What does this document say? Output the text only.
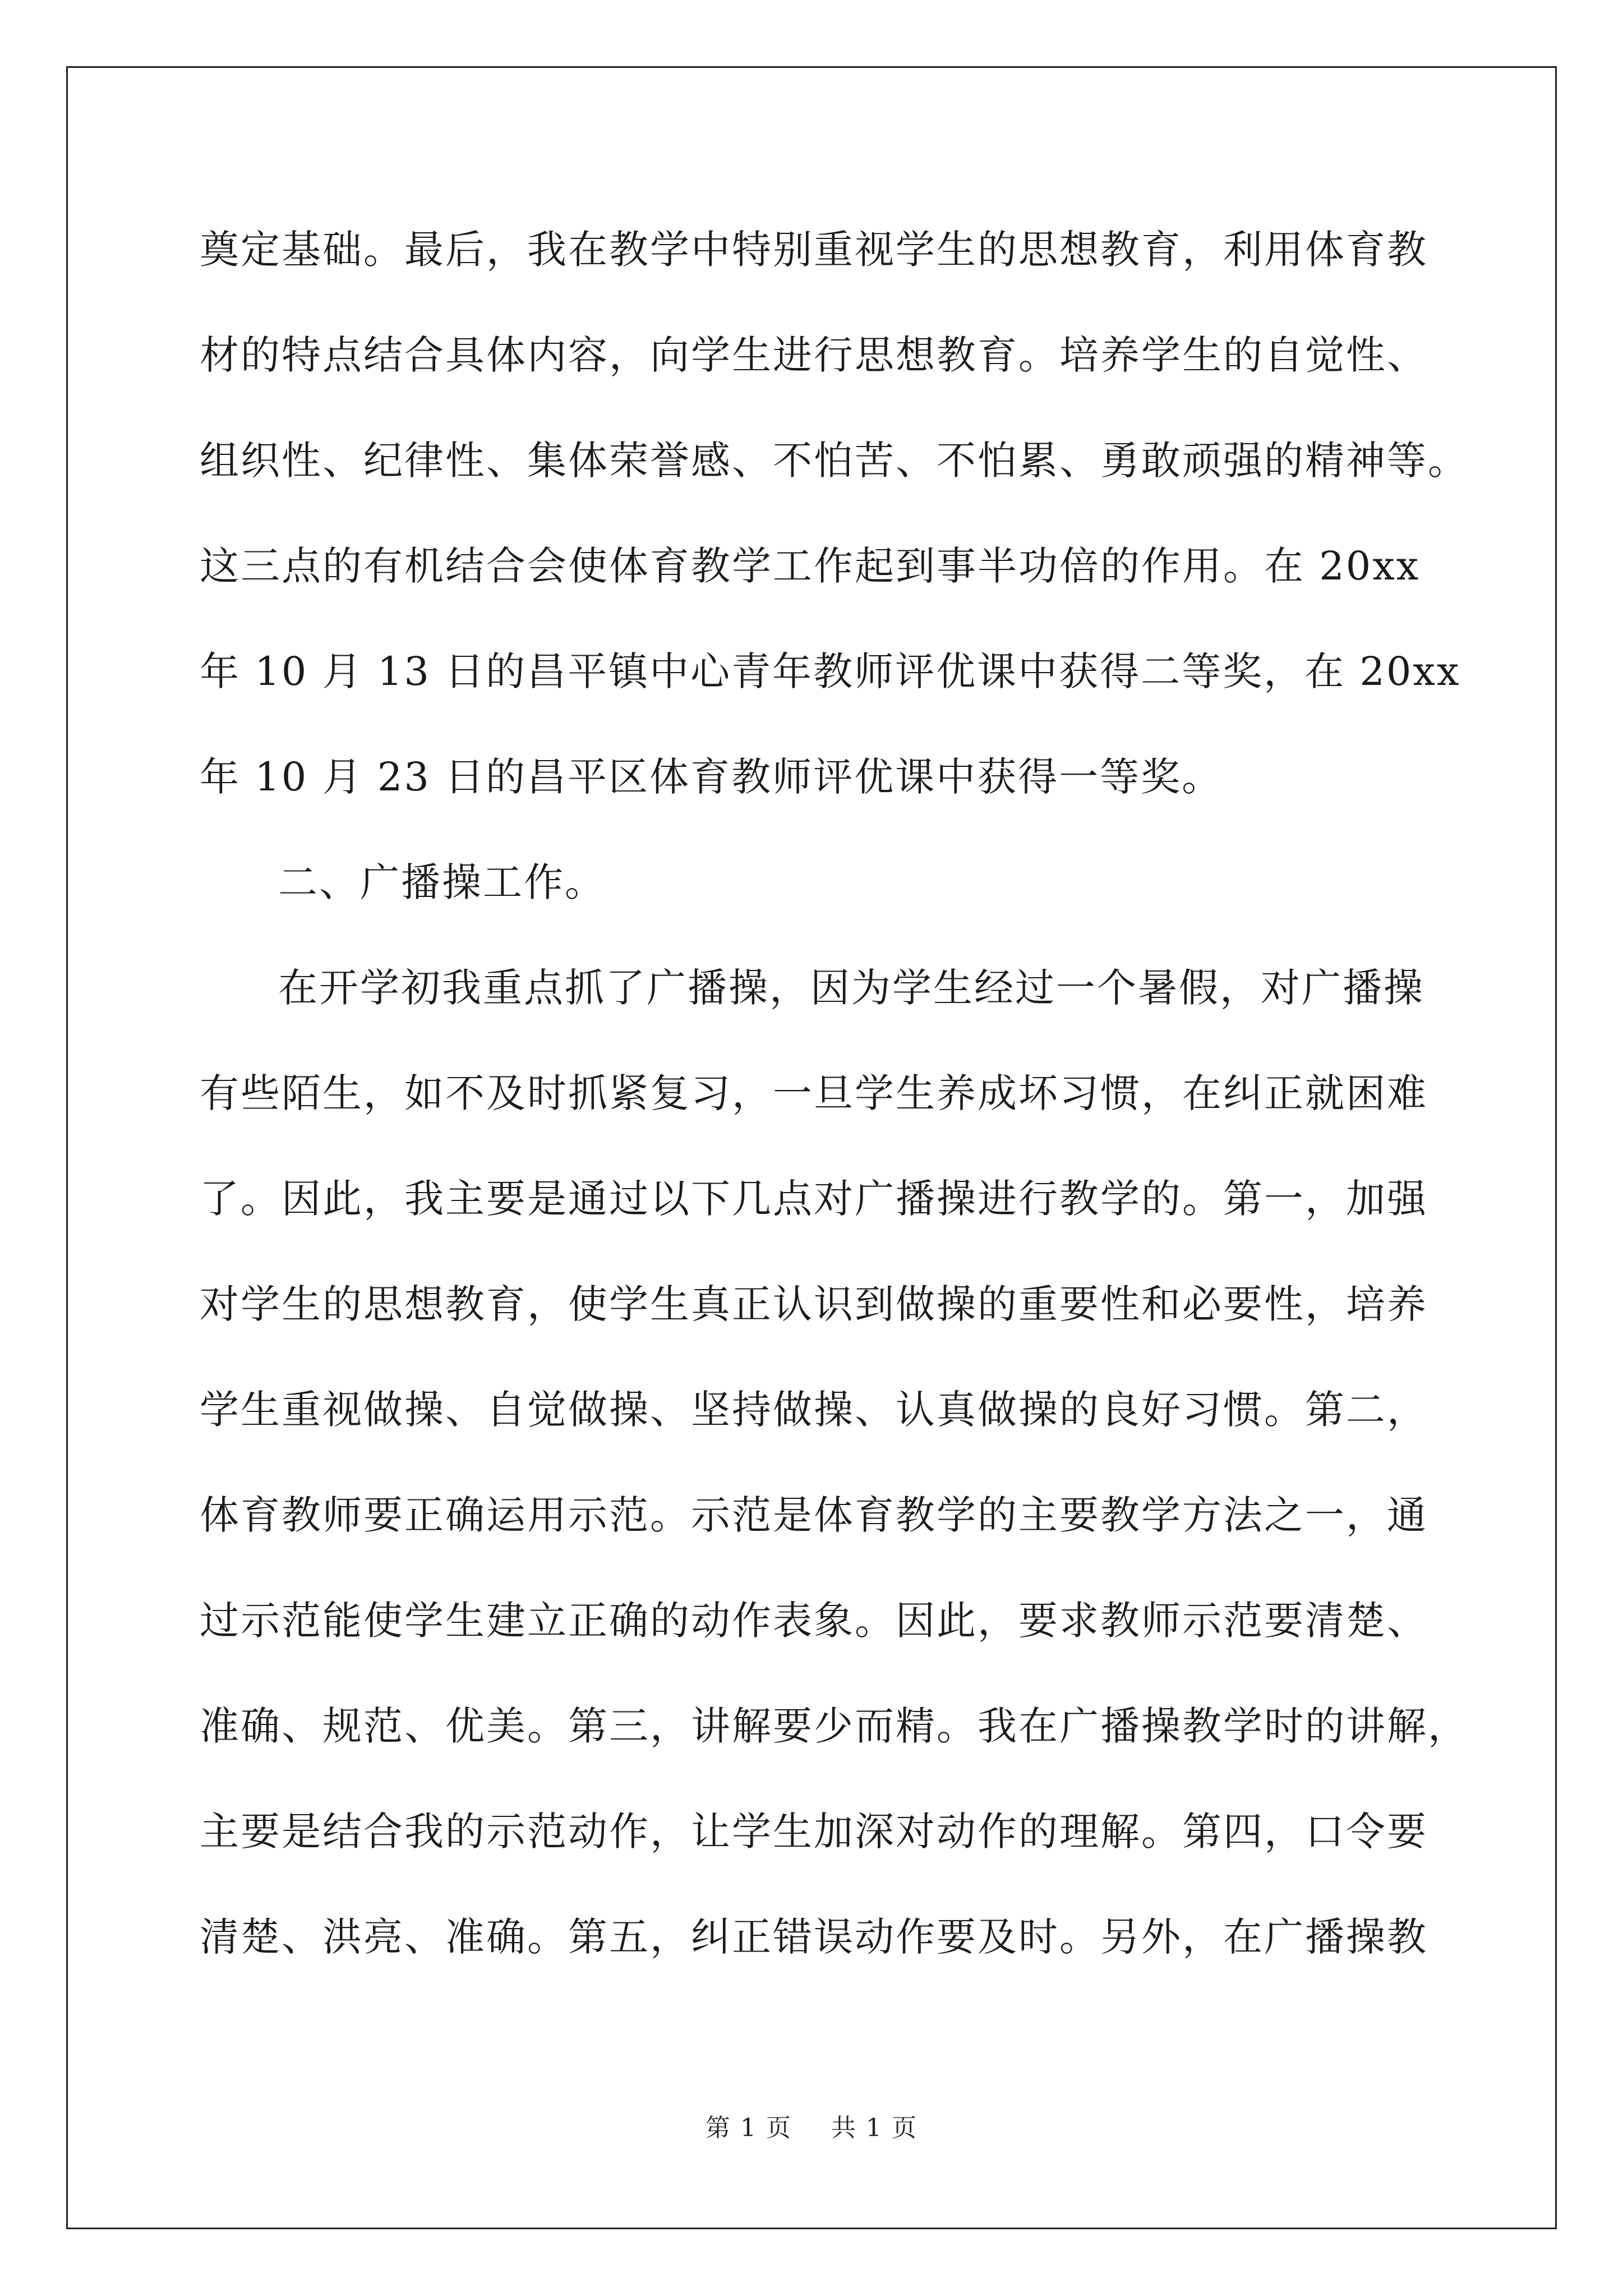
奠定基础。最后，我在教学中特别重视学生的思想教育，利用体育教
材的特点结合具体内容，向学生进行思想教育。培养学生的自觉性、
组织性、纪律性、集体荣誉感、不怕苦、不怕累、勇敢顽强的精神等。
这三点的有机结合会使体育教学工作起到事半功倍的作用。在 20xx
年 10 月 13 日的昌平镇中心青年教师评优课中获得二等奖，在 20xx
年 10 月 23 日的昌平区体育教师评优课中获得一等奖。
二、广播操工作。
在开学初我重点抓了广播操，因为学生经过一个暑假，对广播操
有些陌生，如不及时抓紧复习，一旦学生养成坏习惯，在纠正就困难
了。因此，我主要是通过以下几点对广播操进行教学的。第一，加强
对学生的思想教育，使学生真正认识到做操的重要性和必要性，培养
学生重视做操、自觉做操、坚持做操、认真做操的良好习惯。第二，
体育教师要正确运用示范。示范是体育教学的主要教学方法之一，通
过示范能使学生建立正确的动作表象。因此，要求教师示范要清楚、
准确、规范、优美。第三，讲解要少而精。我在广播操教学时的讲解，
主要是结合我的示范动作，让学生加深对动作的理解。第四，口令要
清楚、洪亮、准确。第五，纠正错误动作要及时。另外，在广播操教
第 1 页 共 1 页
